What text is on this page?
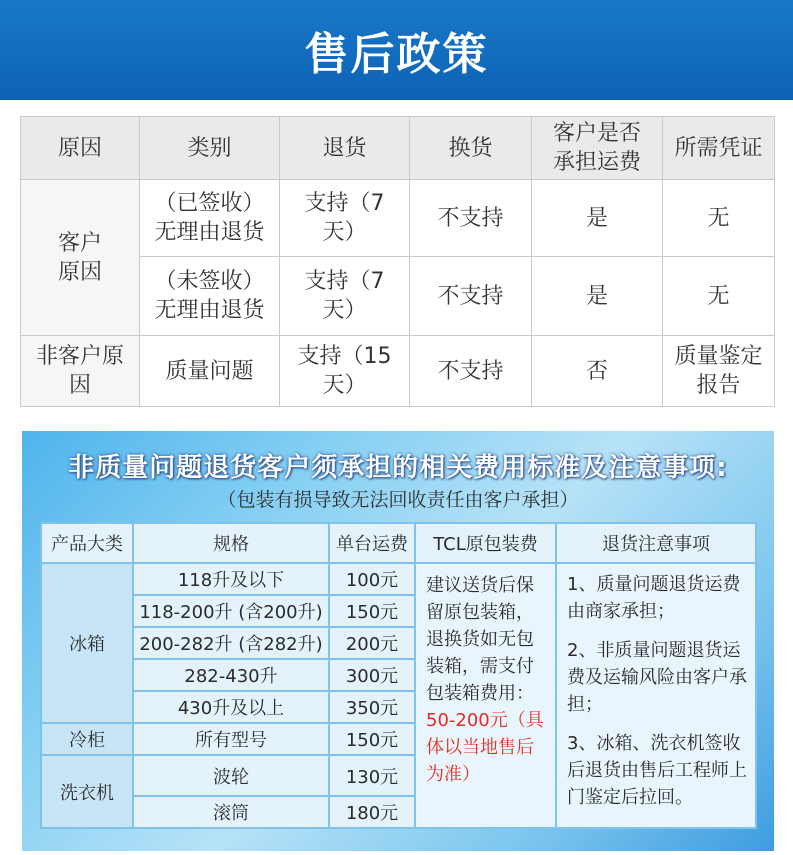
售后政策
原因	类别	退货	换货	客户是否承担运费	所需凭证
客户原因	（已签收）无理由退货	支持（7天）	不支持	是	无
	（未签收）无理由退货	支持（7天）	不支持	是	无
非客户原因	质量问题	支持（15天）	不支持	否	质量鉴定报告
非质量问题退货客户须承担的相关费用标准及注意事项:
（包装有损导致无法回收责任由客户承担）
产品大类	规格	单台运费	TCL原包装费	退货注意事项
冰箱	118升及以下	100元	建议送货后保留原包装箱，退换货如无包装箱，需支付包装箱费用：50-200元（具体以当地售后为准）	1、质量问题退货运费由商家承担；

2、非质量问题退货运费及运输风险由客户承担；

3、冰箱、洗衣机签收后退货由售后工程师上门鉴定后拉回。

	118-200升 (含200升)	150元		
	200-282升 (含282升)	200元		
	282-430升	300元		
	430升及以上	350元		
冷柜	所有型号	150元		
洗衣机	波轮	130元		
	滚筒	180元		
